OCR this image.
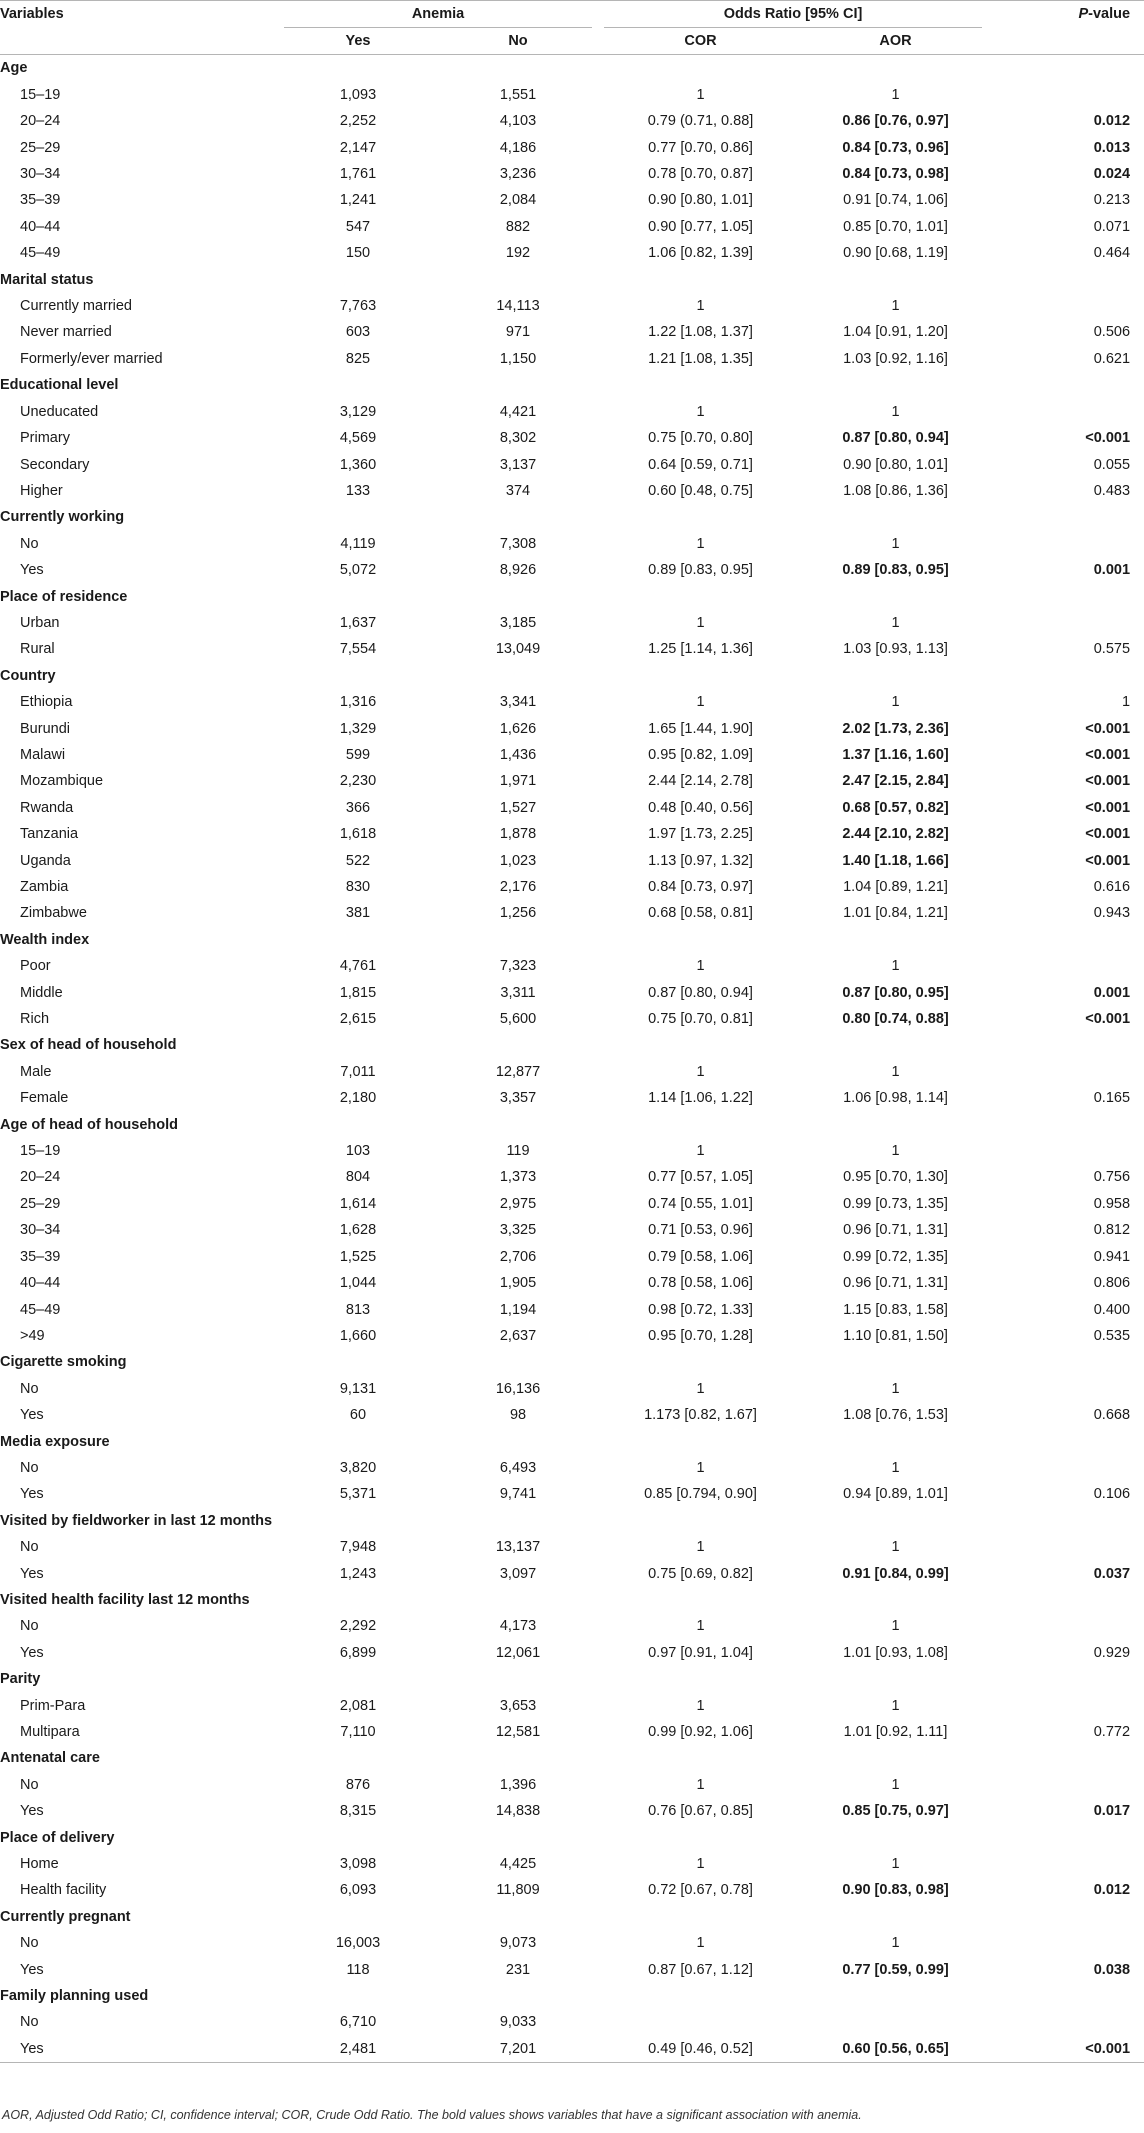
Variables	Anemia		Odds Ratio [95% CI]		P-value
	Yes	No	COR	AOR	
Age					
15–19	1,093	1,551	1	1	
20–24	2,252	4,103	0.79 (0.71, 0.88]	0.86 [0.76, 0.97]	0.012
25–29	2,147	4,186	0.77 [0.70, 0.86]	0.84 [0.73, 0.96]	0.013
30–34	1,761	3,236	0.78 [0.70, 0.87]	0.84 [0.73, 0.98]	0.024
35–39	1,241	2,084	0.90 [0.80, 1.01]	0.91 [0.74, 1.06]	0.213
40–44	547	882	0.90 [0.77, 1.05]	0.85 [0.70, 1.01]	0.071
45–49	150	192	1.06 [0.82, 1.39]	0.90 [0.68, 1.19]	0.464
Marital status					
Currently married	7,763	14,113	1	1	
Never married	603	971	1.22 [1.08, 1.37]	1.04 [0.91, 1.20]	0.506
Formerly/ever married	825	1,150	1.21 [1.08, 1.35]	1.03 [0.92, 1.16]	0.621
Educational level					
Uneducated	3,129	4,421	1	1	
Primary	4,569	8,302	0.75 [0.70, 0.80]	0.87 [0.80, 0.94]	<0.001
Secondary	1,360	3,137	0.64 [0.59, 0.71]	0.90 [0.80, 1.01]	0.055
Higher	133	374	0.60 [0.48, 0.75]	1.08 [0.86, 1.36]	0.483
Currently working					
No	4,119	7,308	1	1	
Yes	5,072	8,926	0.89 [0.83, 0.95]	0.89 [0.83, 0.95]	0.001
Place of residence					
Urban	1,637	3,185	1	1	
Rural	7,554	13,049	1.25 [1.14, 1.36]	1.03 [0.93, 1.13]	0.575
Country					
Ethiopia	1,316	3,341	1	1	1
Burundi	1,329	1,626	1.65 [1.44, 1.90]	2.02 [1.73, 2.36]	<0.001
Malawi	599	1,436	0.95 [0.82, 1.09]	1.37 [1.16, 1.60]	<0.001
Mozambique	2,230	1,971	2.44 [2.14, 2.78]	2.47 [2.15, 2.84]	<0.001
Rwanda	366	1,527	0.48 [0.40, 0.56]	0.68 [0.57, 0.82]	<0.001
Tanzania	1,618	1,878	1.97 [1.73, 2.25]	2.44 [2.10, 2.82]	<0.001
Uganda	522	1,023	1.13 [0.97, 1.32]	1.40 [1.18, 1.66]	<0.001
Zambia	830	2,176	0.84 [0.73, 0.97]	1.04 [0.89, 1.21]	0.616
Zimbabwe	381	1,256	0.68 [0.58, 0.81]	1.01 [0.84, 1.21]	0.943
Wealth index					
Poor	4,761	7,323	1	1	
Middle	1,815	3,311	0.87 [0.80, 0.94]	0.87 [0.80, 0.95]	0.001
Rich	2,615	5,600	0.75 [0.70, 0.81]	0.80 [0.74, 0.88]	<0.001
Sex of head of household					
Male	7,011	12,877	1	1	
Female	2,180	3,357	1.14 [1.06, 1.22]	1.06 [0.98, 1.14]	0.165
Age of head of household					
15–19	103	119	1	1	
20–24	804	1,373	0.77 [0.57, 1.05]	0.95 [0.70, 1.30]	0.756
25–29	1,614	2,975	0.74 [0.55, 1.01]	0.99 [0.73, 1.35]	0.958
30–34	1,628	3,325	0.71 [0.53, 0.96]	0.96 [0.71, 1.31]	0.812
35–39	1,525	2,706	0.79 [0.58, 1.06]	0.99 [0.72, 1.35]	0.941
40–44	1,044	1,905	0.78 [0.58, 1.06]	0.96 [0.71, 1.31]	0.806
45–49	813	1,194	0.98 [0.72, 1.33]	1.15 [0.83, 1.58]	0.400
>49	1,660	2,637	0.95 [0.70, 1.28]	1.10 [0.81, 1.50]	0.535
Cigarette smoking					
No	9,131	16,136	1	1	
Yes	60	98	1.173 [0.82, 1.67]	1.08 [0.76, 1.53]	0.668
Media exposure					
No	3,820	6,493	1	1	
Yes	5,371	9,741	0.85 [0.794, 0.90]	0.94 [0.89, 1.01]	0.106
Visited by fieldworker in last 12 months					
No	7,948	13,137	1	1	
Yes	1,243	3,097	0.75 [0.69, 0.82]	0.91 [0.84, 0.99]	0.037
Visited health facility last 12 months					
No	2,292	4,173	1	1	
Yes	6,899	12,061	0.97 [0.91, 1.04]	1.01 [0.93, 1.08]	0.929
Parity					
Prim-Para	2,081	3,653	1	1	
Multipara	7,110	12,581	0.99 [0.92, 1.06]	1.01 [0.92, 1.11]	0.772
Antenatal care					
No	876	1,396	1	1	
Yes	8,315	14,838	0.76 [0.67, 0.85]	0.85 [0.75, 0.97]	0.017
Place of delivery					
Home	3,098	4,425	1	1	
Health facility	6,093	11,809	0.72 [0.67, 0.78]	0.90 [0.83, 0.98]	0.012
Currently pregnant					
No	16,003	9,073	1	1	
Yes	118	231	0.87 [0.67, 1.12]	0.77 [0.59, 0.99]	0.038
Family planning used					
No	6,710	9,033			
Yes	2,481	7,201	0.49 [0.46, 0.52]	0.60 [0.56, 0.65]	<0.001
AOR, Adjusted Odd Ratio; CI, confidence interval; COR, Crude Odd Ratio. The bold values shows variables that have a significant association with anemia.
